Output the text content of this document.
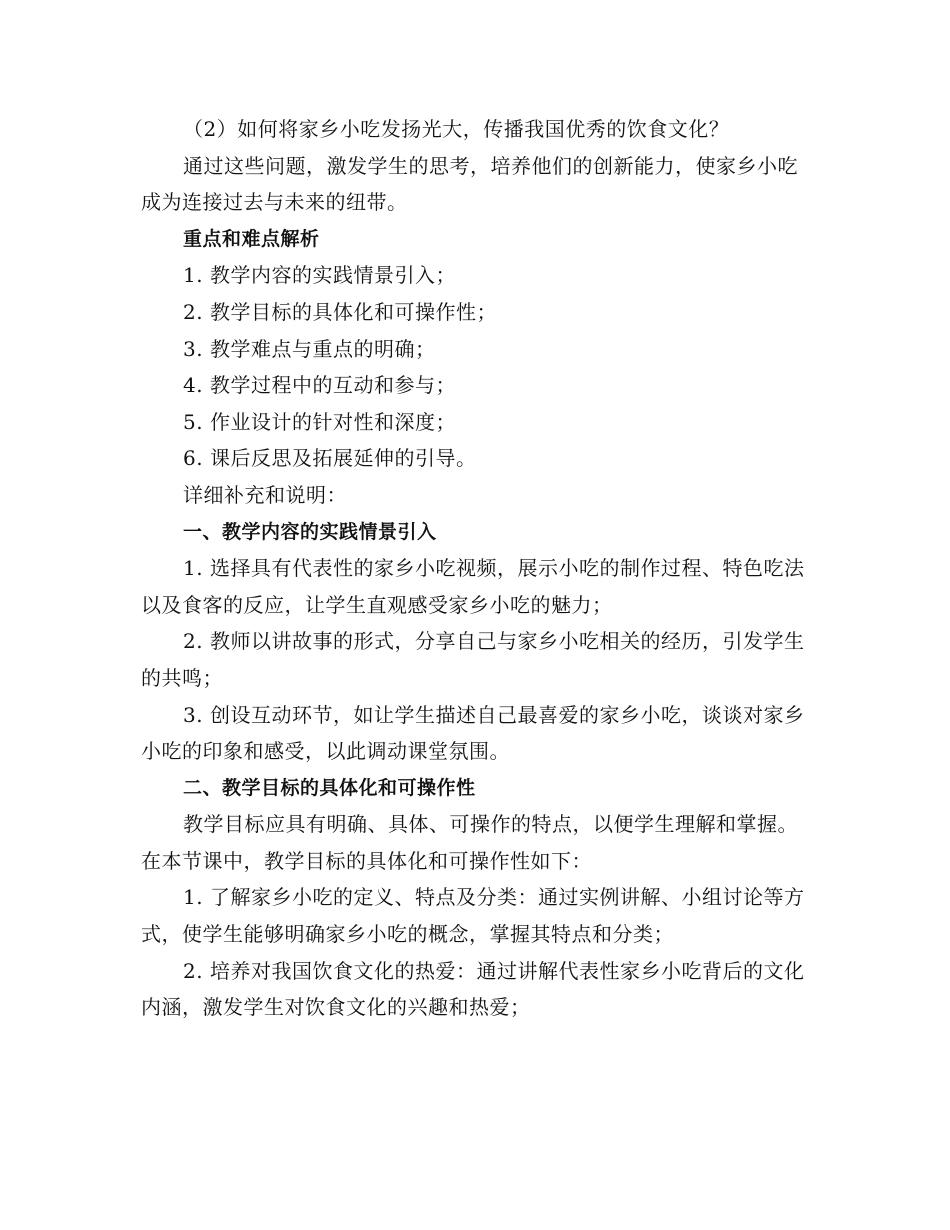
（2）如何将家乡小吃发扬光大，传播我国优秀的饮食文化？

通过这些问题，激发学生的思考，培养他们的创新能力，使家乡小吃成为连接过去与未来的纽带。

重点和难点解析

1. 教学内容的实践情景引入；

2. 教学目标的具体化和可操作性；

3. 教学难点与重点的明确；

4. 教学过程中的互动和参与；

5. 作业设计的针对性和深度；

6. 课后反思及拓展延伸的引导。

详细补充和说明：

一、教学内容的实践情景引入

1. 选择具有代表性的家乡小吃视频，展示小吃的制作过程、特色吃法以及食客的反应，让学生直观感受家乡小吃的魅力；

2. 教师以讲故事的形式，分享自己与家乡小吃相关的经历，引发学生的共鸣；

3. 创设互动环节，如让学生描述自己最喜爱的家乡小吃，谈谈对家乡小吃的印象和感受，以此调动课堂氛围。

二、教学目标的具体化和可操作性

教学目标应具有明确、具体、可操作的特点，以便学生理解和掌握。在本节课中，教学目标的具体化和可操作性如下：

1. 了解家乡小吃的定义、特点及分类：通过实例讲解、小组讨论等方式，使学生能够明确家乡小吃的概念，掌握其特点和分类；

2. 培养对我国饮食文化的热爱：通过讲解代表性家乡小吃背后的文化内涵，激发学生对饮食文化的兴趣和热爱；
